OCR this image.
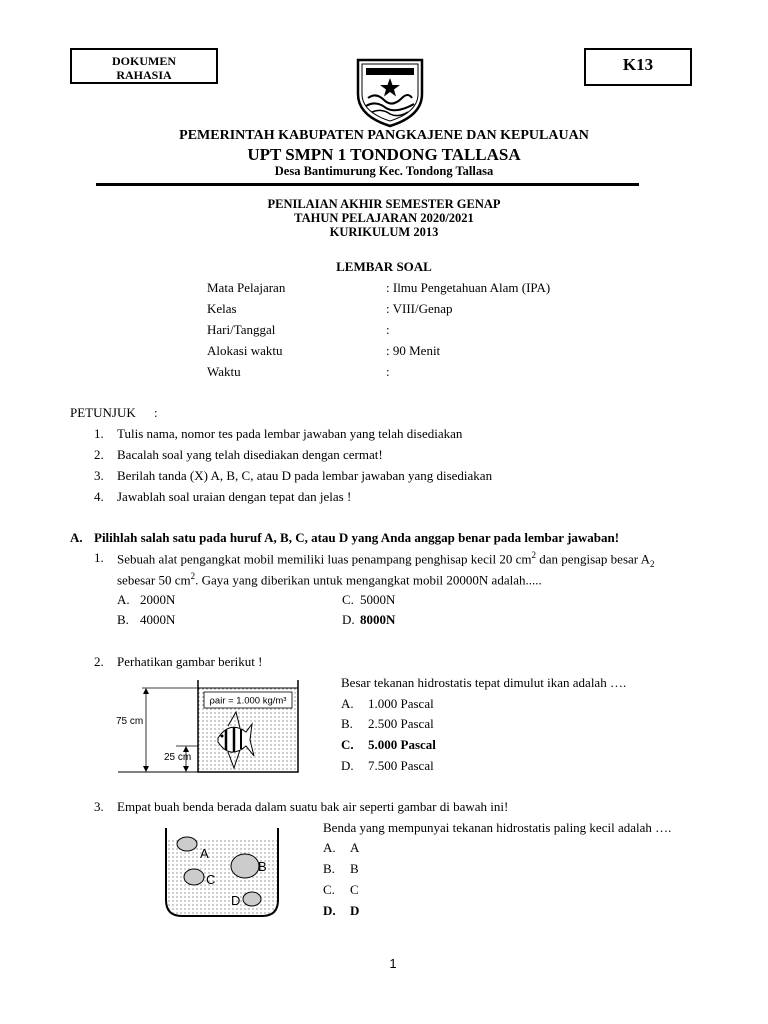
DOKUMEN
RAHASIA
K13
PEMERINTAH KABUPATEN PANGKAJENE DAN KEPULAUAN
UPT SMPN 1 TONDONG TALLASA
Desa Bantimurung Kec. Tondong Tallasa
PENILAIAN AKHIR SEMESTER GENAP
TAHUN PELAJARAN 2020/2021
KURIKULUM 2013
LEMBAR SOAL
Mata Pelajaran	: Ilmu Pengetahuan Alam (IPA)
Kelas	: VIII/Genap
Hari/Tanggal	:
Alokasi waktu	: 90 Menit
Waktu	:
PETUNJUK :
1. Tulis nama, nomor tes pada lembar jawaban yang telah disediakan
2. Bacalah soal yang telah disediakan dengan cermat!
3. Berilah tanda (X) A, B, C, atau D pada lembar jawaban yang disediakan
4. Jawablah soal uraian dengan tepat dan jelas !
A. Pilihlah salah satu pada huruf A, B, C, atau D yang Anda anggap benar pada lembar jawaban!
1. Sebuah alat pengangkat mobil memiliki luas penampang penghisap kecil 20 $cm^2$ dan pengisap besar $A_2$
sebesar 50 $cm^2$. Gaya yang diberikan untuk mengangkat mobil 20000N adalah.....
A. 2000N	C. 5000N
B. 4000N	D. 8000N
2. Perhatikan gambar berikut !
ρair = 1.000 kg/m³
75 cm
25 cm
Besar tekanan hidrostatis tepat dimulut ikan adalah ….
A. 1.000 Pascal
B. 2.500 Pascal
C. 5.000 Pascal
D. 7.500 Pascal
3. Empat buah benda berada dalam suatu bak air seperti gambar di bawah ini!
A
B
C
D
Benda yang mempunyai tekanan hidrostatis paling kecil adalah ….
A. A
B. B
C. C
D. D
1
